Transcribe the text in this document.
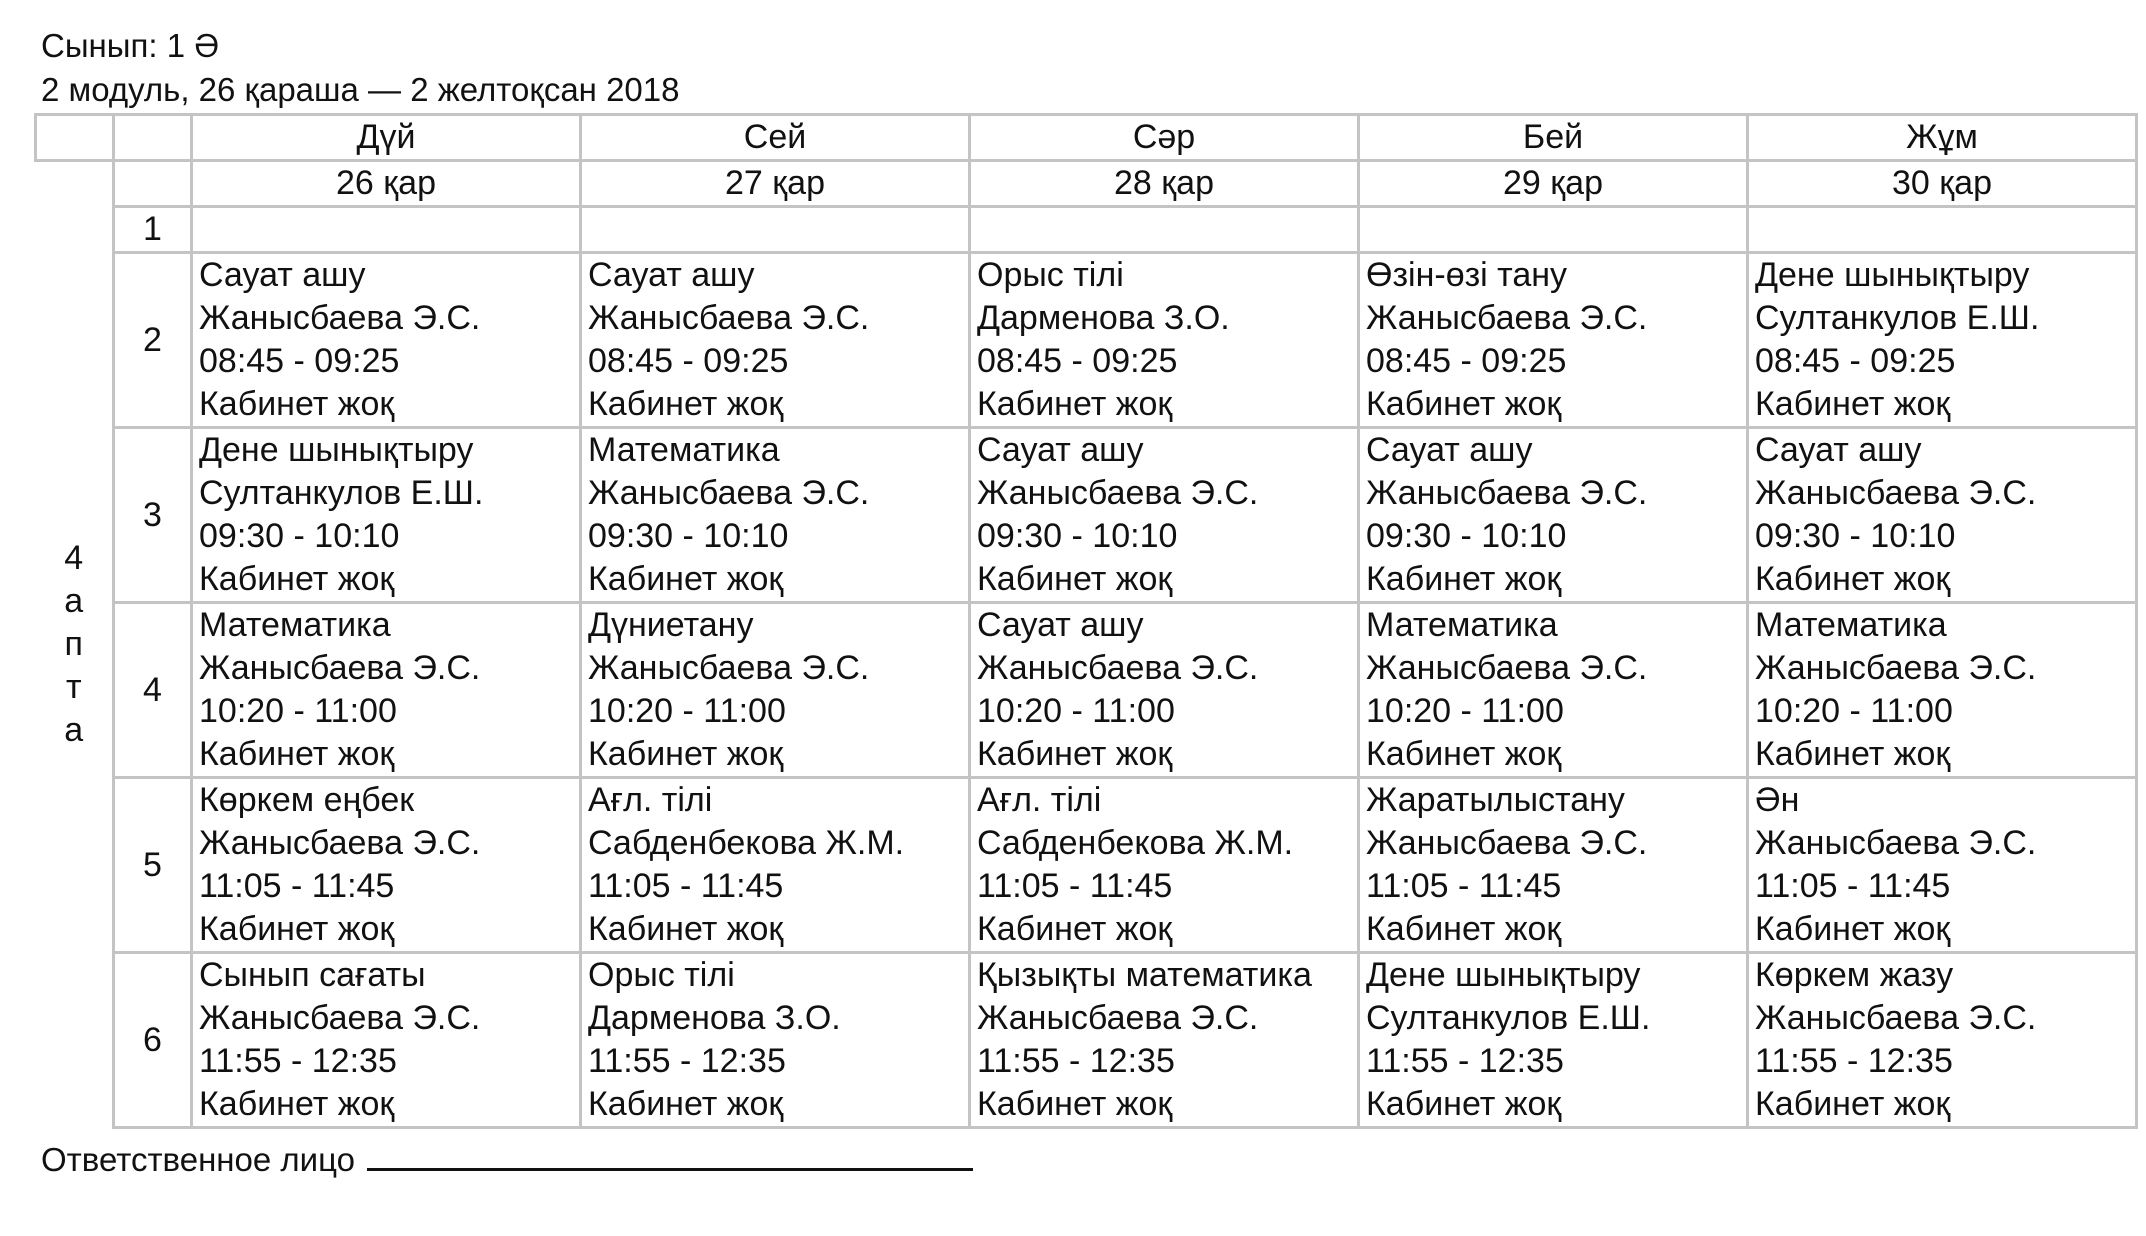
Сынып: 1 Ә
2 модуль, 26 қараша — 2 желтоқсан 2018
		Дүй	Сей	Сәр	Бей	Жұм

4
а
п
т
а		26 қар	27 қар	28 қар	29 қар	30 қар
	1					
	2	Сауат ашу
Жанысбаева Э.С.
08:45 - 09:25
Кабинет жоқ	Сауат ашу
Жанысбаева Э.С.
08:45 - 09:25
Кабинет жоқ	Орыс тілі
Дарменова З.О.
08:45 - 09:25
Кабинет жоқ	Өзін-өзі тану
Жанысбаева Э.С.
08:45 - 09:25
Кабинет жоқ	Дене шынықтыру
Султанкулов Е.Ш.
08:45 - 09:25
Кабинет жоқ

	3	Дене шынықтыру
Султанкулов Е.Ш.
09:30 - 10:10
Кабинет жоқ	Математика
Жанысбаева Э.С.
09:30 - 10:10
Кабинет жоқ	Сауат ашу
Жанысбаева Э.С.
09:30 - 10:10
Кабинет жоқ	Сауат ашу
Жанысбаева Э.С.
09:30 - 10:10
Кабинет жоқ	Сауат ашу
Жанысбаева Э.С.
09:30 - 10:10
Кабинет жоқ

	4	Математика
Жанысбаева Э.С.
10:20 - 11:00
Кабинет жоқ	Дүниетану
Жанысбаева Э.С.
10:20 - 11:00
Кабинет жоқ	Сауат ашу
Жанысбаева Э.С.
10:20 - 11:00
Кабинет жоқ	Математика
Жанысбаева Э.С.
10:20 - 11:00
Кабинет жоқ	Математика
Жанысбаева Э.С.
10:20 - 11:00
Кабинет жоқ

	5	Көркем еңбек
Жанысбаева Э.С.
11:05 - 11:45
Кабинет жоқ	Ағл. тілі
Сабденбекова Ж.М.
11:05 - 11:45
Кабинет жоқ	Ағл. тілі
Сабденбекова Ж.М.
11:05 - 11:45
Кабинет жоқ	Жаратылыстану
Жанысбаева Э.С.
11:05 - 11:45
Кабинет жоқ	Ән
Жанысбаева Э.С.
11:05 - 11:45
Кабинет жоқ

	6	Сынып сағаты
Жанысбаева Э.С.
11:55 - 12:35
Кабинет жоқ	Орыс тілі
Дарменова З.О.
11:55 - 12:35
Кабинет жоқ	Қызықты математика
Жанысбаева Э.С.
11:55 - 12:35
Кабинет жоқ	Дене шынықтыру
Султанкулов Е.Ш.
11:55 - 12:35
Кабинет жоқ	Көркем жазу
Жанысбаева Э.С.
11:55 - 12:35
Кабинет жоқ
Ответственное лицо
